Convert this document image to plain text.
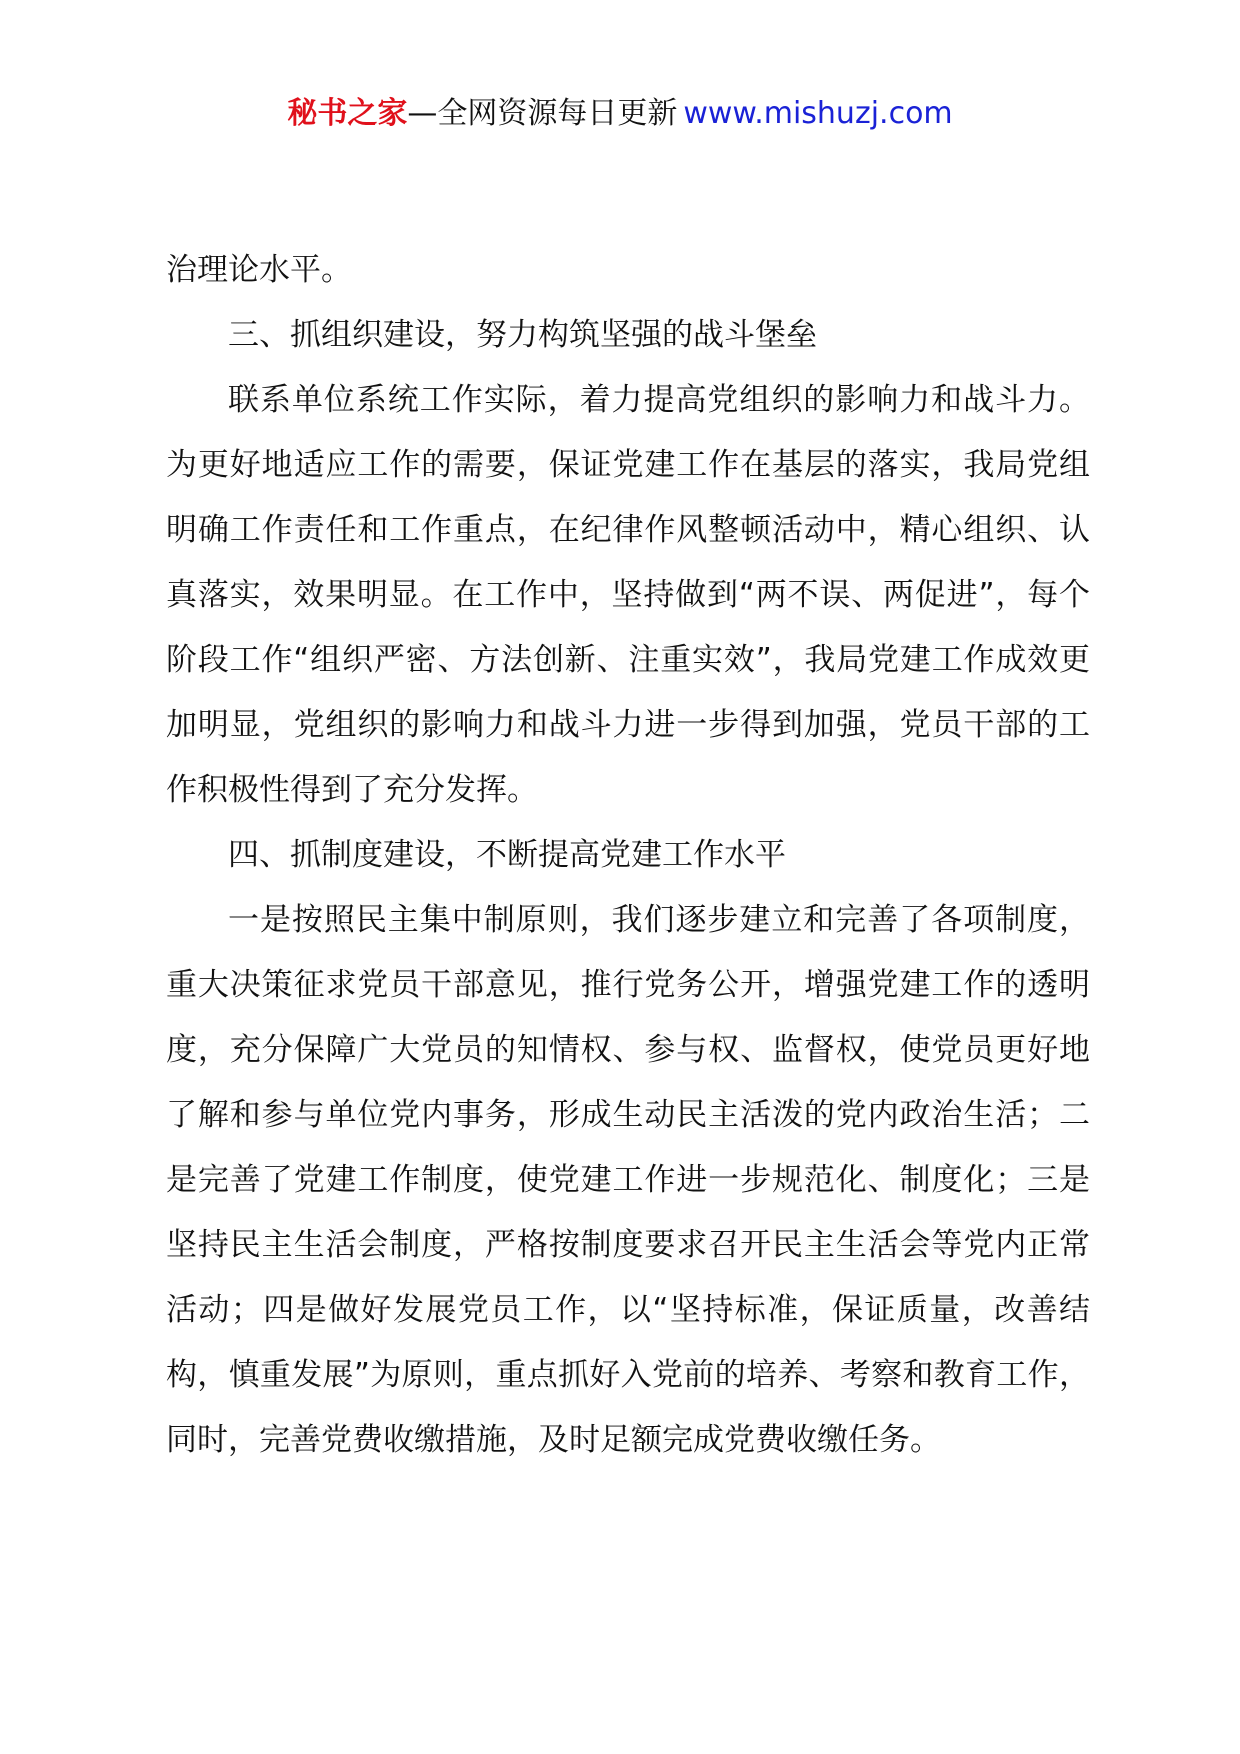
秘书之家—全网资源每日更新 www.mishuzj.com

治理论水平。

三、抓组织建设，努力构筑坚强的战斗堡垒

联系单位系统工作实际，着力提高党组织的影响力和战斗力。为更好地适应工作的需要，保证党建工作在基层的落实，我局党组明确工作责任和工作重点，在纪律作风整顿活动中，精心组织、认真落实，效果明显。在工作中，坚持做到“两不误、两促进”，每个阶段工作“组织严密、方法创新、注重实效”，我局党建工作成效更加明显，党组织的影响力和战斗力进一步得到加强，党员干部的工作积极性得到了充分发挥。

四、抓制度建设，不断提高党建工作水平

一是按照民主集中制原则，我们逐步建立和完善了各项制度，重大决策征求党员干部意见，推行党务公开，增强党建工作的透明度，充分保障广大党员的知情权、参与权、监督权，使党员更好地了解和参与单位党内事务，形成生动民主活泼的党内政治生活；二是完善了党建工作制度，使党建工作进一步规范化、制度化；三是坚持民主生活会制度，严格按制度要求召开民主生活会等党内正常活动；四是做好发展党员工作，以“坚持标准，保证质量，改善结构，慎重发展”为原则，重点抓好入党前的培养、考察和教育工作，同时，完善党费收缴措施，及时足额完成党费收缴任务。
